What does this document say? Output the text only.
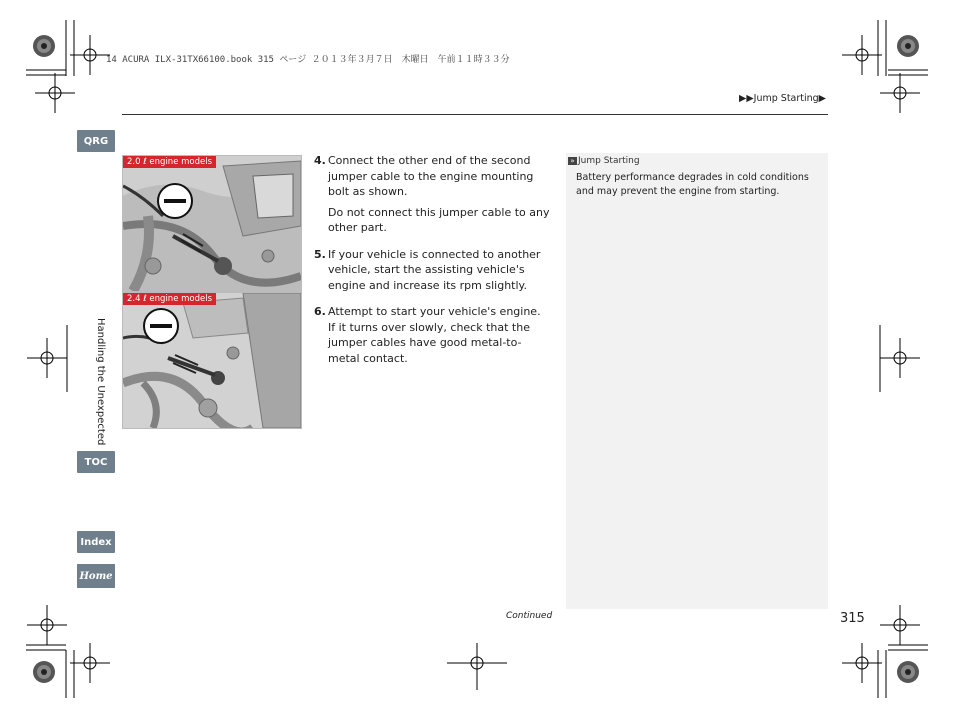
14 ACURA ILX-31TX66100.book 315 ページ ２０１３年３月７日　木曜日　午前１１時３３分
▶▶Jump Starting▶
QRG
Handling the Unexpected
TOC
Index
Home
2.0 ℓ engine models
2.4 ℓ engine models
4. Connect the other end of the second jumper cable to the engine mounting bolt as shown.

Do not connect this jumper cable to any other part.

5. If your vehicle is connected to another vehicle, start the assisting vehicle's engine and increase its rpm slightly.

6. Attempt to start your vehicle's engine. If it turns over slowly, check that the jumper cables have good metal-to-metal contact.

» Jump Starting
Battery performance degrades in cold conditions and may prevent the engine from starting.
Continued	315
